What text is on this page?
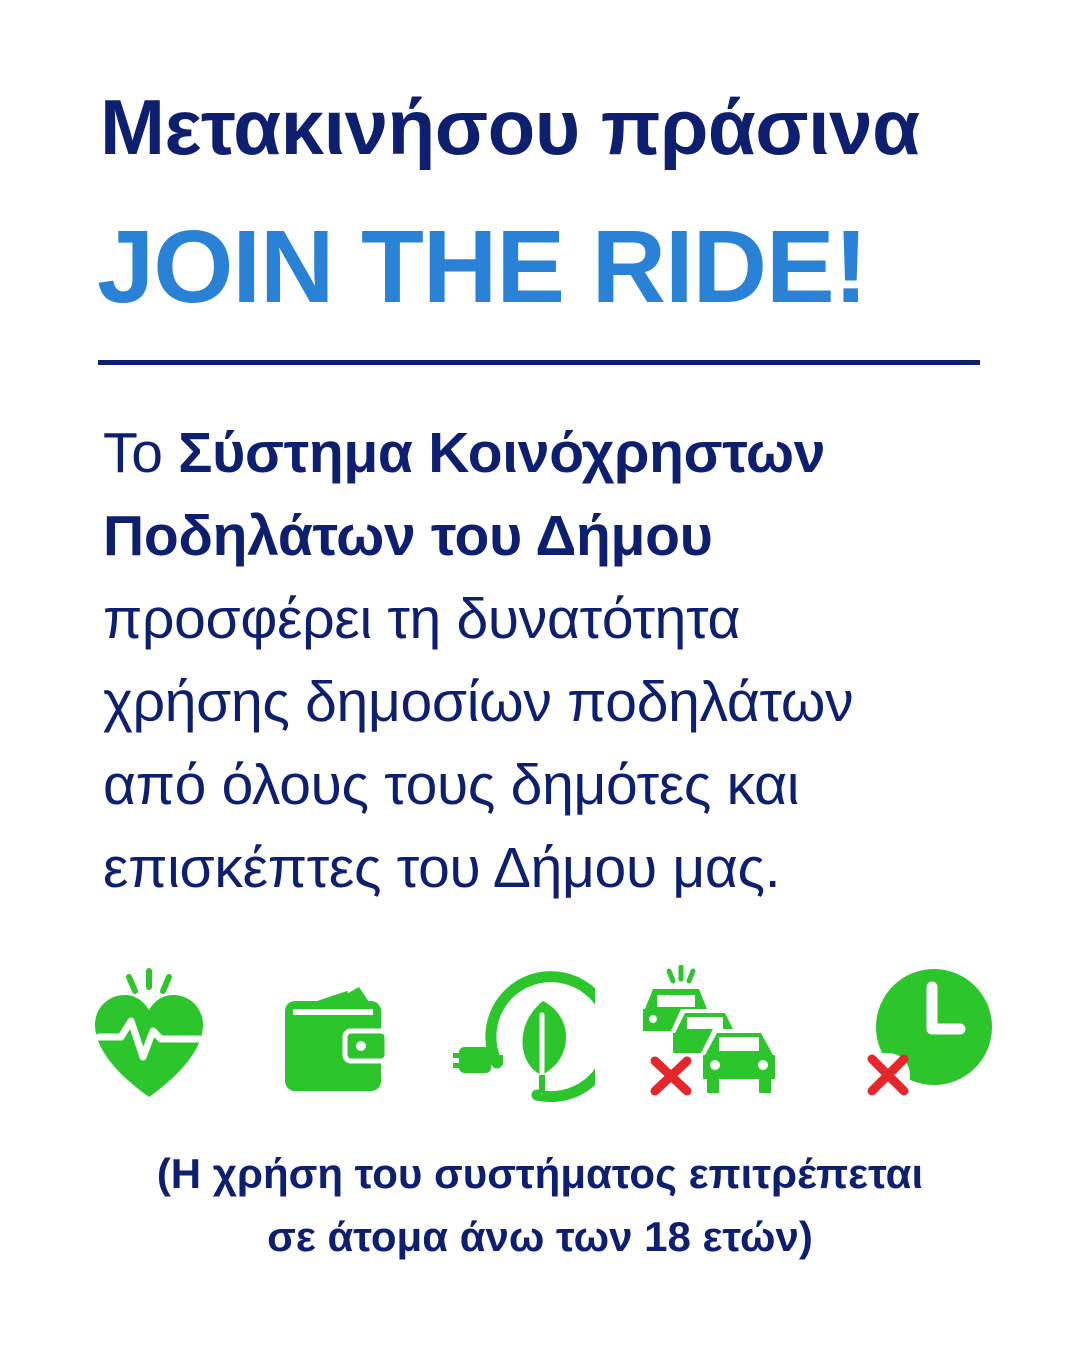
Μετακινήσου πράσινα
JOIN THE RIDE!
Το Σύστημα Κοινόχρηστων
Ποδηλάτων του Δήμου
προσφέρει τη δυνατότητα
χρήσης δημοσίων ποδηλάτων
από όλους τους δημότες και
επισκέπτες του Δήμου μας.
(Η χρήση του συστήματος επιτρέπεται
σε άτομα άνω των 18 ετών)
